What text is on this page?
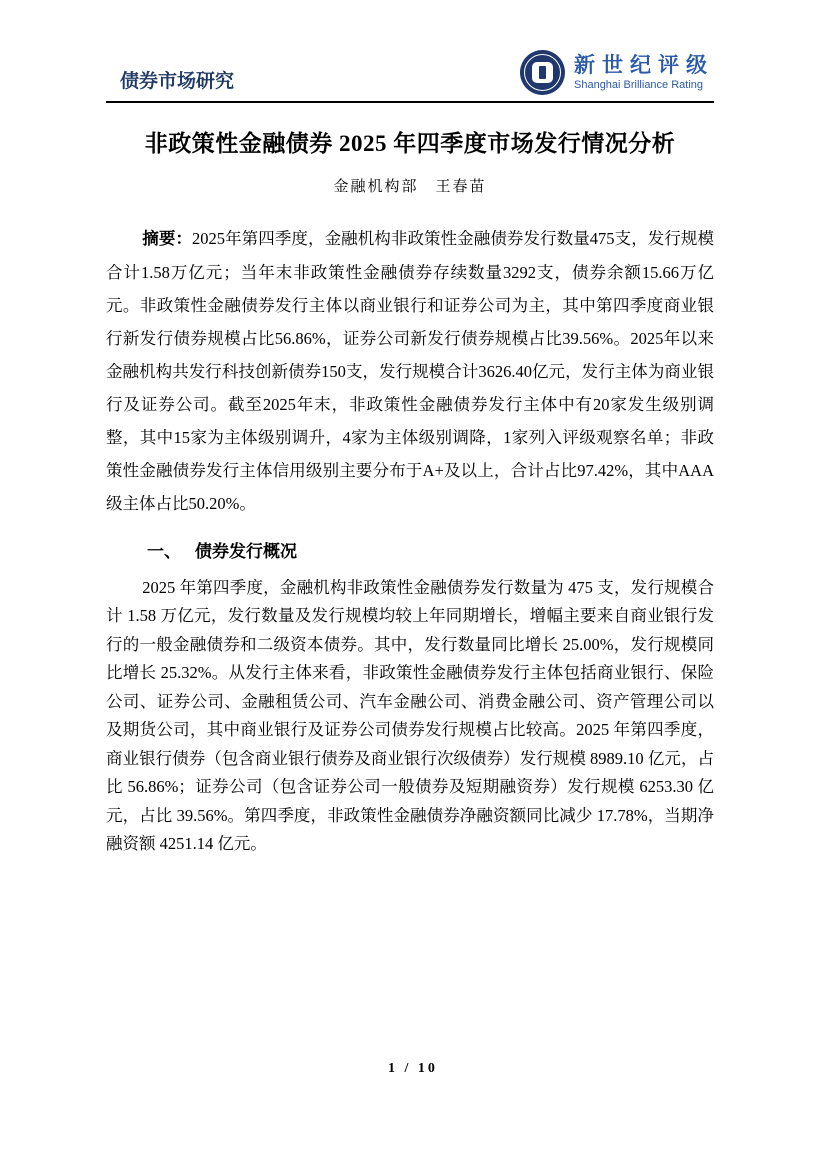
债券市场研究
新世纪评级
Shanghai Brilliance Rating
非政策性金融债券 2025 年四季度市场发行情况分析
金融机构部　王春苗

摘要：2025年第四季度，金融机构非政策性金融债券发行数量475支，发行规模合计1.58万亿元；当年末非政策性金融债券存续数量3292支，债券余额15.66万亿元。非政策性金融债券发行主体以商业银行和证券公司为主，其中第四季度商业银行新发行债券规模占比56.86%，证券公司新发行债券规模占比39.56%。2025年以来金融机构共发行科技创新债券150支，发行规模合计3626.40亿元，发行主体为商业银行及证券公司。截至2025年末，非政策性金融债券发行主体中有20家发生级别调整，其中15家为主体级别调升，4家为主体级别调降，1家列入评级观察名单；非政策性金融债券发行主体信用级别主要分布于A+及以上，合计占比97.42%，其中AAA级主体占比50.20%。

一、 债券发行概况

2025 年第四季度，金融机构非政策性金融债券发行数量为 475 支，发行规模合计 1.58 万亿元，发行数量及发行规模均较上年同期增长，增幅主要来自商业银行发行的一般金融债券和二级资本债券。其中，发行数量同比增长 25.00%，发行规模同比增长 25.32%。从发行主体来看，非政策性金融债券发行主体包括商业银行、保险公司、证券公司、金融租赁公司、汽车金融公司、消费金融公司、资产管理公司以及期货公司，其中商业银行及证券公司债券发行规模占比较高。2025 年第四季度，商业银行债券（包含商业银行债券及商业银行次级债券）发行规模 8989.10 亿元，占比 56.86%；证券公司（包含证券公司一般债券及短期融资券）发行规模 6253.30 亿元，占比 39.56%。第四季度，非政策性金融债券净融资额同比减少 17.78%，当期净融资额 4251.14 亿元。

1 / 10
